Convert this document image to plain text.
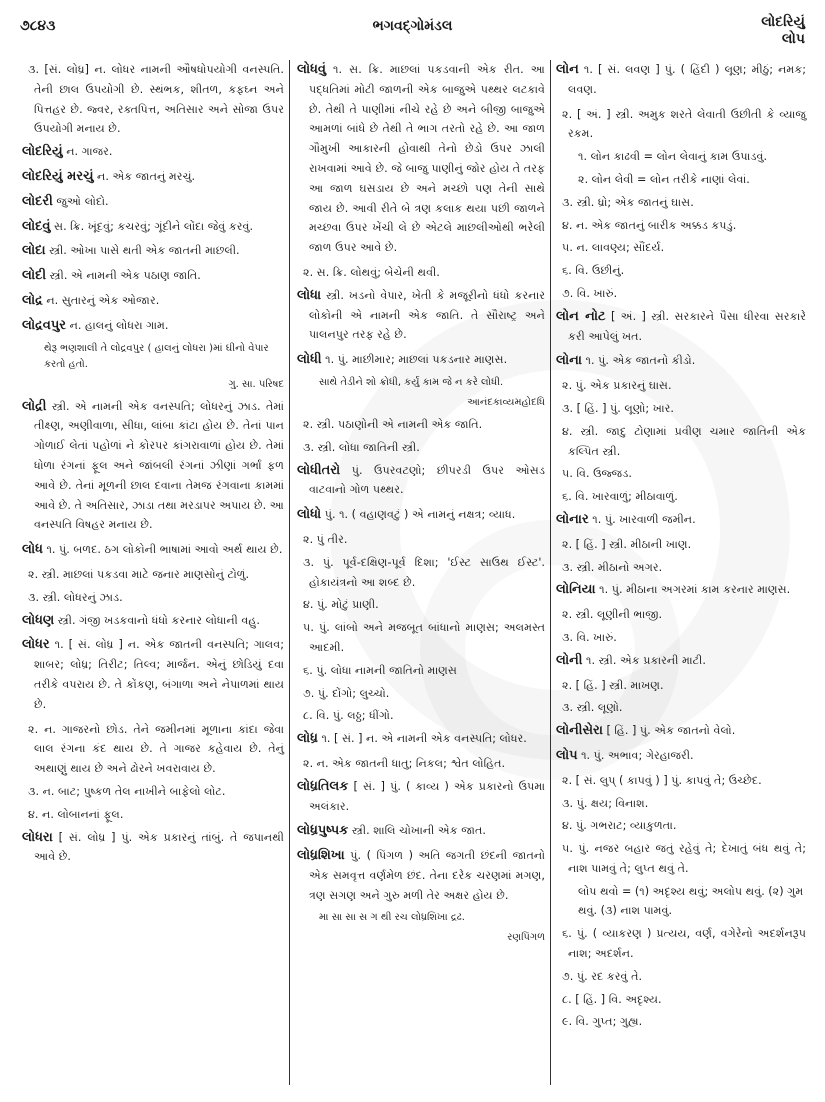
૭૮૪૩	ભગવદ્ગોમંડલ	લોદરિયું
લોપ

૩. [સં. લોધ્ર] ન. લોધર નામની ઔષધોપયોગી વનસ્પતિ. તેની છાલ ઉપયોગી છે. સ્થંભક, શીતળ, કફઘ્ન અને પિત્તહર છે. જ્વર, રક્તપિત્ત, અતિસાર અને સોજા ઉપર ઉપયોગી મનાય છે.

લોદરિયું ન. ગાજર.

લોદરિયું મરચું ન. એક જાતનું મરચું.

લોદરી જુઓ લોદો.

લોદવું સ. ક્રિ. ખૂંદવું; કચરવું; ગૂંદીને લોંદા જેવું કરવું.

લોદા સ્ત્રી. ઓખા પાસે થતી એક જાતની માછલી.

લોદી સ્ત્રી. એ નામની એક પઠાણ જાતિ.

લોદ્ર ન. સુતારનું એક ઓજાર.

લોદ્રવપુર ન. હાલનું લોધરા ગામ.

થેરૂ ભણશાલી તે લોદ્રવપુર ( હાલનું લોધરા )માં ઘીનો વેપાર કરતો હતો.

ગુ. સા. પરિષદ

લોદ્રી સ્ત્રી. એ નામની એક વનસ્પતિ; લોધરનું ઝાડ. તેમાં તીક્ષ્ણ, અણીવાળા, સીધા, લાંબા કાંટા હોય છે. તેનાં પાન ગોળાઈ લેતાં પહોળાં ને કોરપર કાંગરાવાળાં હોય છે. તેમાં ધોળા રંગનાં ફૂલ અને જાંબલી રંગનાં ઝીણાં ગર્ભાં ફળ આવે છે. તેનાં મૂળની છાલ દવાના તેમજ રંગવાના કામમાં આવે છે. તે અતિસાર, ઝાડા તથા મરડાપર અપાય છે. આ વનસ્પતિ વિષહર મનાય છે.

લોધ ૧. પું. બળદ. ઠગ લોકોની ભાષામાં આવો અર્થ થાય છે.

૨. સ્ત્રી. માછલાં પકડવા માટે જનાર માણસોનું ટોળું.

૩. સ્ત્રી. લોધરનું ઝાડ.

લોધણ સ્ત્રી. ગંજી ખડકવાનો ધંધો કરનાર લોધાની વહુ.

લોધર ૧. [ સં. લોધ્ર ] ન. એક જાતની વનસ્પતિ; ગાલવ; શાબર; લોધ્ર; તિરીટ; તિલ્વ; માર્જન. એનું છોડિયું દવા તરીકે વપરાય છે. તે કોંકણ, બંગાળા અને નેપાળમાં થાય છે.

૨. ન. ગાજરનો છોડ. તેને જમીનમાં મૂળાના કાંદા જેવા લાલ રંગના કંદ થાય છે. તે ગાજર કહેવાય છે. તેનું અથાણું થાય છે અને ઢોરને ખવરાવાય છે.

૩. ન. બાટ; પુષ્કળ તેલ નાખીને બાફેલો લોટ.

૪. ન. લોબાનનાં ફૂલ.

લોધરા [ સં. લોધ્ર ] પું. એક પ્રકારનું તાંબું. તે જપાનથી આવે છે.

લોધવું ૧. સ. ક્રિ. માછલાં પકડવાની એક રીત. આ પદ્ધતિમાં મોટી જાળની એક બાજુએ પથ્થર લટકાવે છે. તેથી તે પાણીમાં નીચે રહે છે અને બીજી બાજુએ આમળાં બાંધે છે તેથી તે ભાગ તરતો રહે છે. આ જાળ ગૌમુખી આકારની હોવાથી તેનો છેડો ઉપર ઝાલી રાખવામાં આવે છે. જે બાજુ પાણીનું જોર હોય તે તરફ આ જાળ ઘસડાય છે અને મચ્છો પણ તેની સાથે જાય છે. આવી રીતે બે ત્રણ કલાક થયા પછી જાળને મચ્છવા ઉપર ખેંચી લે છે એટલે માછલીઓથી ભરેલી જાળ ઉપર આવે છે.

૨. સ. ક્રિ. લોથવું; બેચેની થવી.

લોધા સ્ત્રી. ખડનો વેપાર, ખેતી કે મજૂરીનો ધંધો કરનાર લોકોની એ નામની એક જાતિ. તે સૌરાષ્ટ્ર અને પાલનપુર તરફ રહે છે.

લોધી ૧. પું. માછીમાર; માછલાં પકડનાર માણસ.

સાથે તેડીને શો ક્રોધી, કર્યું કામ જે ન કરે લોધી.

આનંદકાવ્યમહોદધિ

૨. સ્ત્રી. પઠાણોની એ નામની એક જાતિ.

૩. સ્ત્રી. લોધા જાતિની સ્ત્રી.

લોધીતરો પું. ઉપરવટણો; છીપરડી ઉપર ઓસડ વાટવાનો ગોળ પથ્થર.

લોધો પું. ૧. ( વહાણવટું ) એ નામનું નક્ષત્ર; વ્યાધ.

૨. પું તીર.

૩. પું. પૂર્વ-દક્ષિણ-પૂર્વ દિશા; 'ઈસ્ટ સાઉથ ઈસ્ટ'. હોકાયંત્રનો આ શબ્દ છે.

૪. પું. મોટું પ્રાણી.

૫. પું. લાંબો અને મજબૂત બાંધાનો માણસ; અલમસ્ત આદમી.

૬. પું. લોધા નામની જાતિનો માણસ

૭. પું. દોંગો; લુચ્ચો.

૮. વિ. પું. લઠ્ઠ; ધીંગો.

લોધ્ર ૧. [ સં. ] ન. એ નામની એક વનસ્પતિ; લોધર.

૨. ન. એક જાતની ધાતુ; નિકલ; શ્વેત લોહિત.

લોધ્રતિલક [ સં. ] પું. ( કાવ્ય ) એક પ્રકારનો ઉપમા અલંકાર.

લોધ્રપુષ્પક સ્ત્રી. શાલિ ચોખાની એક જાત.

લોધ્રશિખા પું. ( પિંગળ ) અતિ જગતી છંદની જાતનો એક સમવૃત્ત વર્ણમેળ છંદ. તેના દરેક ચરણમાં મગણ, ત્રણ સગણ અને ગુરુ મળી તેર અક્ષર હોય છે.

મા સા સા સ ગ થી રચ લોધ્રશિખા દ્રઢ.

રણપિંગળ

લોન ૧. [ સં. લવણ ] પું. ( હિંદી ) લૂણ; મીઠું; નમક; લવણ.

૨. [ અં. ] સ્ત્રી. અમુક શરતે લેવાતી ઉછીતી કે વ્યાજુ રકમ.

૧. લોન કાઢવી = લોન લેવાનું કામ ઉપાડવું.

૨. લોન લેવી = લોન તરીકે નાણાં લેવાં.

૩. સ્ત્રી. ધ્રો; એક જાતનું ઘાસ.

૪. ન. એક જાતનું બારીક અક્કડ કપડું.

૫. ન. લાવણ્ય; સૌંદર્ય.

૬. વિ. ઉછીનું.

૭. વિ. ખારું.

લોન નોટ [ અં. ] સ્ત્રી. સરકારને પૈસા ધીરવા સરકારે કરી આપેલું ખત.

લોના ૧. પું. એક જાતનો કીડો.

૨. પું. એક પ્રકારનું ઘાસ.

૩. [ હિં. ] પું. લૂણો; ખાર.

૪. સ્ત્રી. જાદુ ટોણામાં પ્રવીણ ચમાર જાતિની એક કલ્પિત સ્ત્રી.

૫. વિ. ઉજ્જડ.

૬. વિ. ખારવાળું; મીઠાવાળું.

લોનાર ૧. પું. ખારવાળી જમીન.

૨. [ હિં. ] સ્ત્રી. મીઠાની ખાણ.

૩. સ્ત્રી. મીઠાનો અગર.

લોનિયા ૧. પું. મીઠાના અગરમાં કામ કરનાર માણસ.

૨. સ્ત્રી. લૂણીની ભાજી.

૩. વિ. ખારું.

લોની ૧. સ્ત્રી. એક પ્રકારની માટી.

૨. [ હિં. ] સ્ત્રી. માખણ.

૩. સ્ત્રી. લૂણો.

લોનીસેરા [ હિં. ] પું. એક જાતનો વેલો.

લોપ ૧. પું. અભાવ; ગેરહાજરી.

૨. [ સં. લુપ્ ( કાપવું ) ] પું. કાપવું તે; ઉચ્છેદ.

૩. પું. ક્ષય; વિનાશ.

૪. પું. ગભરાટ; વ્યાકુળતા.

૫. પું. નજર બહાર જતું રહેવું તે; દેખાતું બંધ થવું તે; નાશ પામવું તે; લુપ્ત થવું તે.

લોપ થવો = (૧) અદૃશ્ય થવું; અલોપ થવું. (૨) ગુમ થવું. (૩) નાશ પામવું.

૬. પું. ( વ્યાકરણ ) પ્રત્યય, વર્ણ, વગેરેનો અદર્શનરૂપ નાશ; અદર્શન.

૭. પું. રદ કરવું તે.

૮. [ હિં. ] વિ. અદૃશ્ય.

૯. વિ. ગુપ્ત; ગુહ્ય.
